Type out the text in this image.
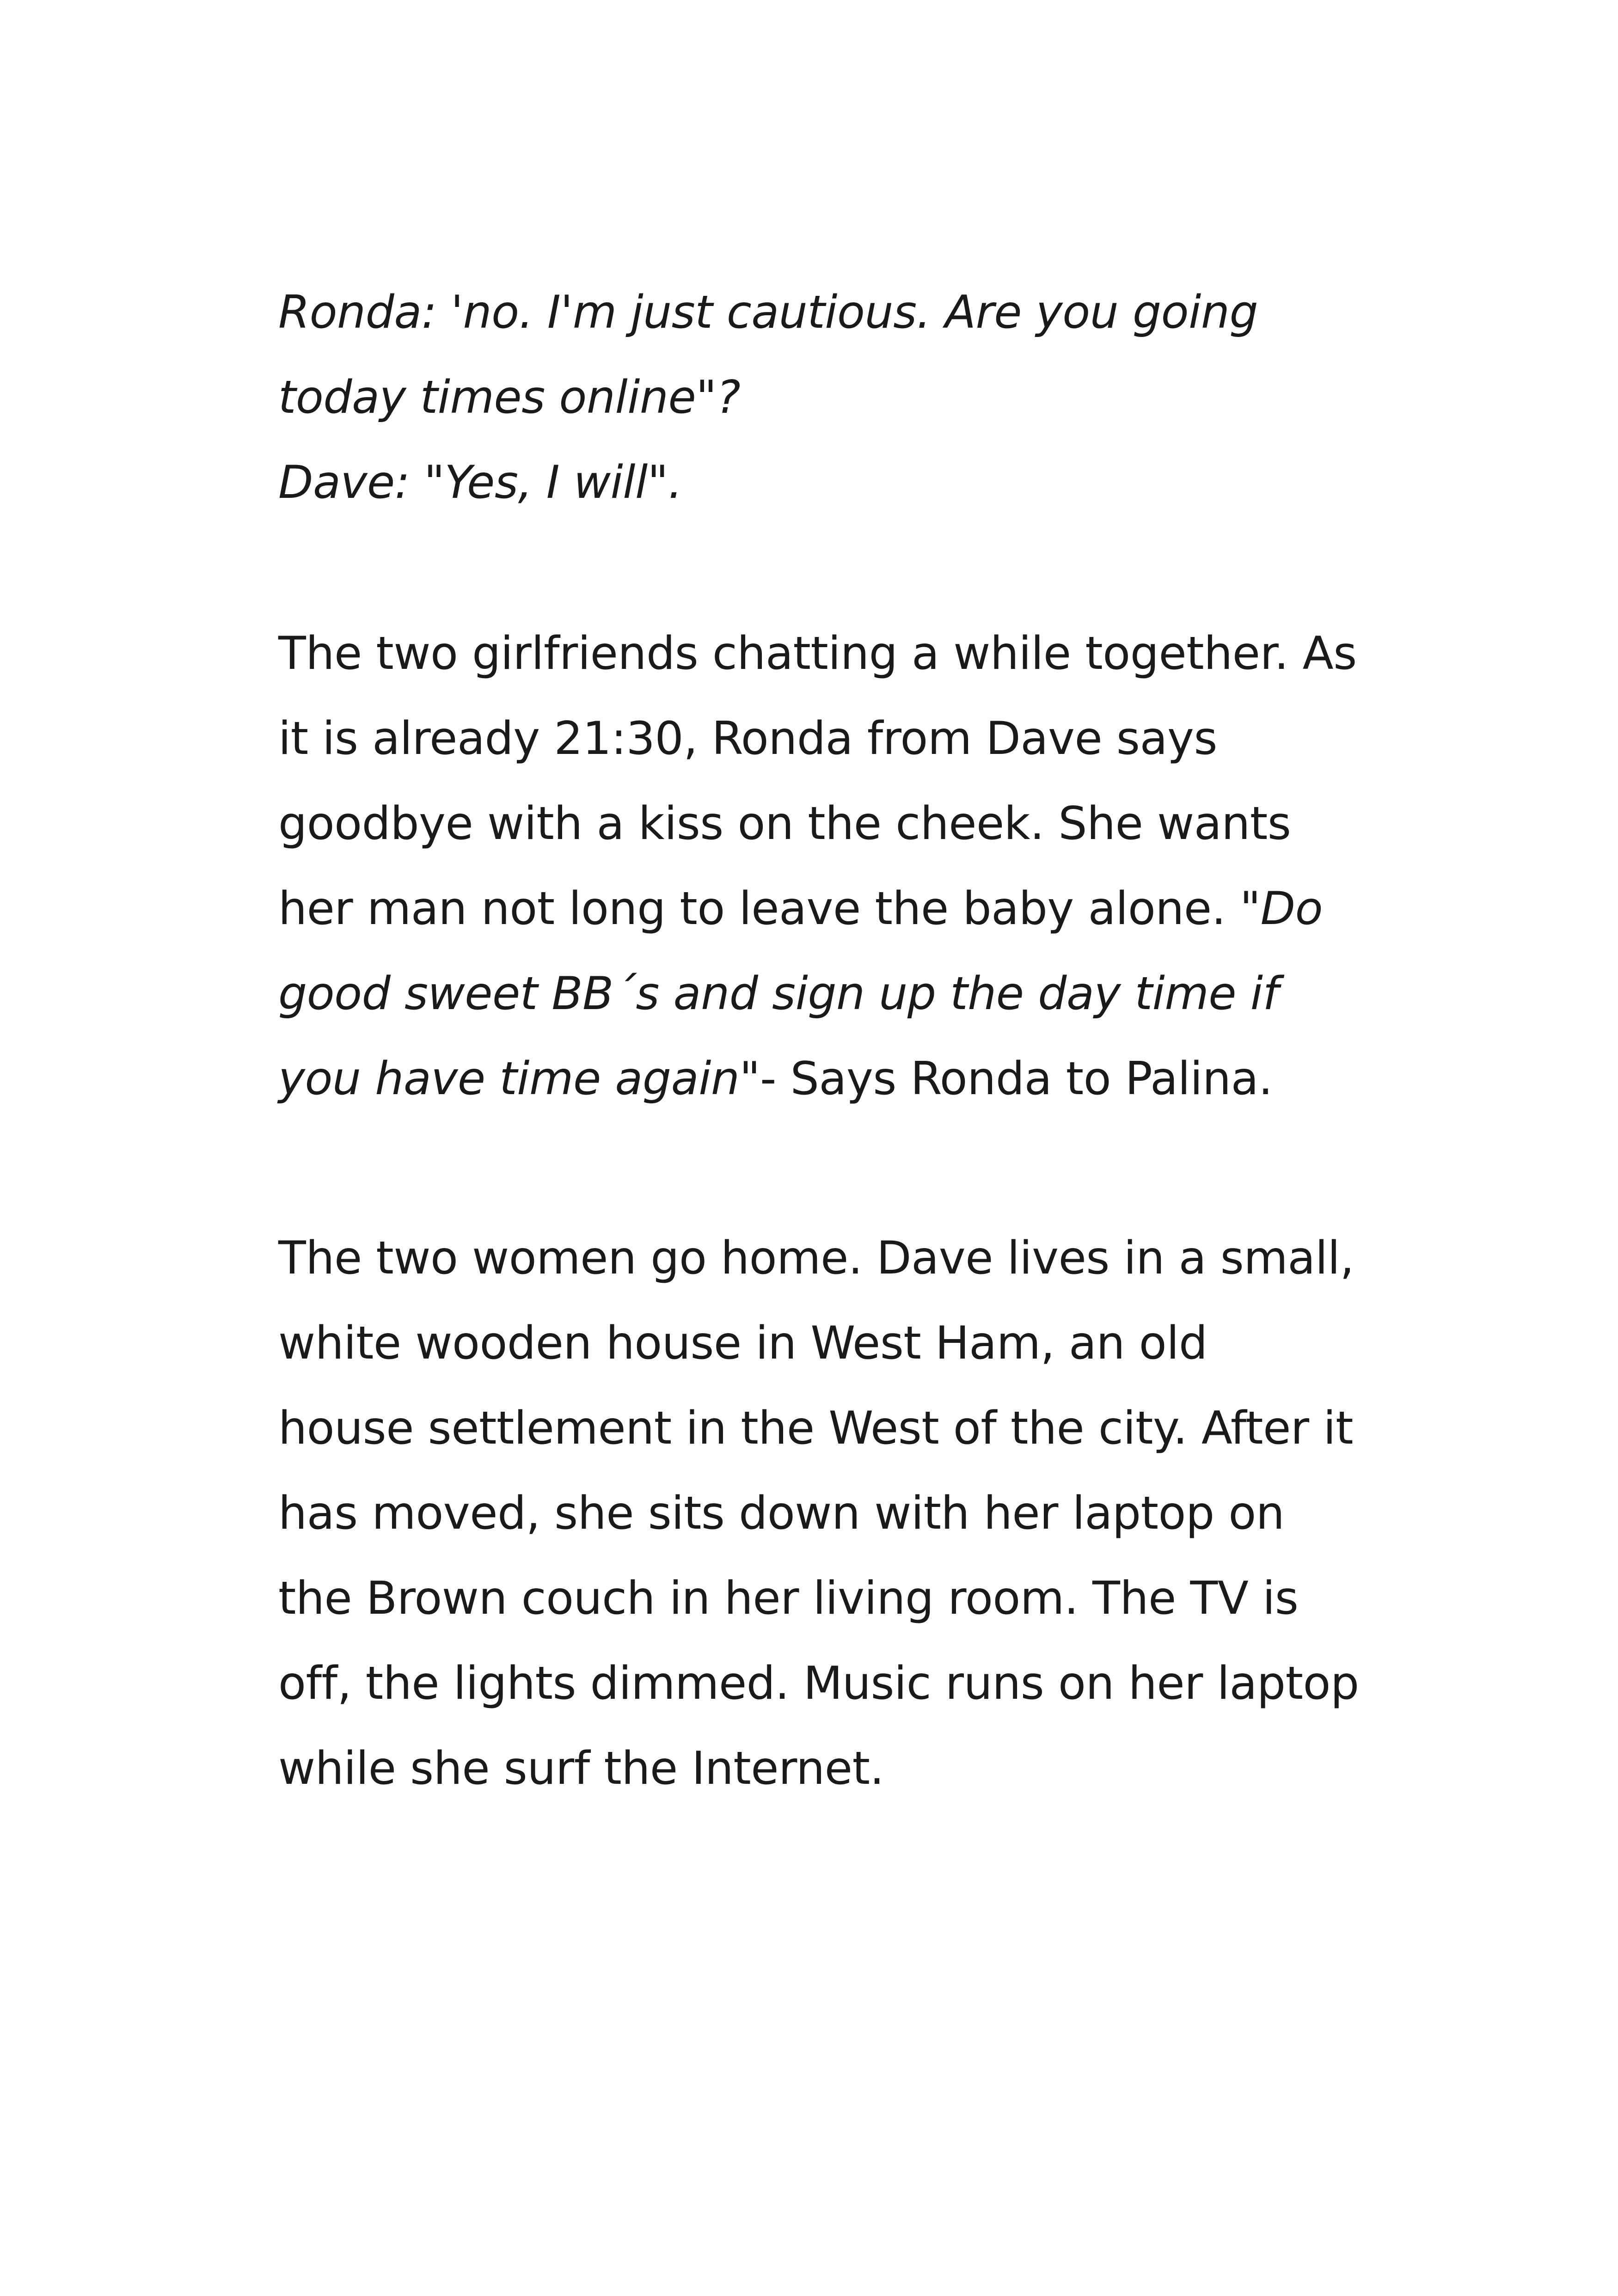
Ronda: 'no. I'm just cautious. Are you going
today times online"?
Dave: "Yes, I will".
The two girlfriends chatting a while together. As
it is already 21:30, Ronda from Dave says
goodbye with a kiss on the cheek. She wants
her man not long to leave the baby alone. "Do
good sweet BB´s and sign up the day time if
you have time again"- Says Ronda to Palina.
The two women go home. Dave lives in a small,
white wooden house in West Ham, an old
house settlement in the West of the city. After it
has moved, she sits down with her laptop on
the Brown couch in her living room. The TV is
off, the lights dimmed. Music runs on her laptop
while she surf the Internet.
